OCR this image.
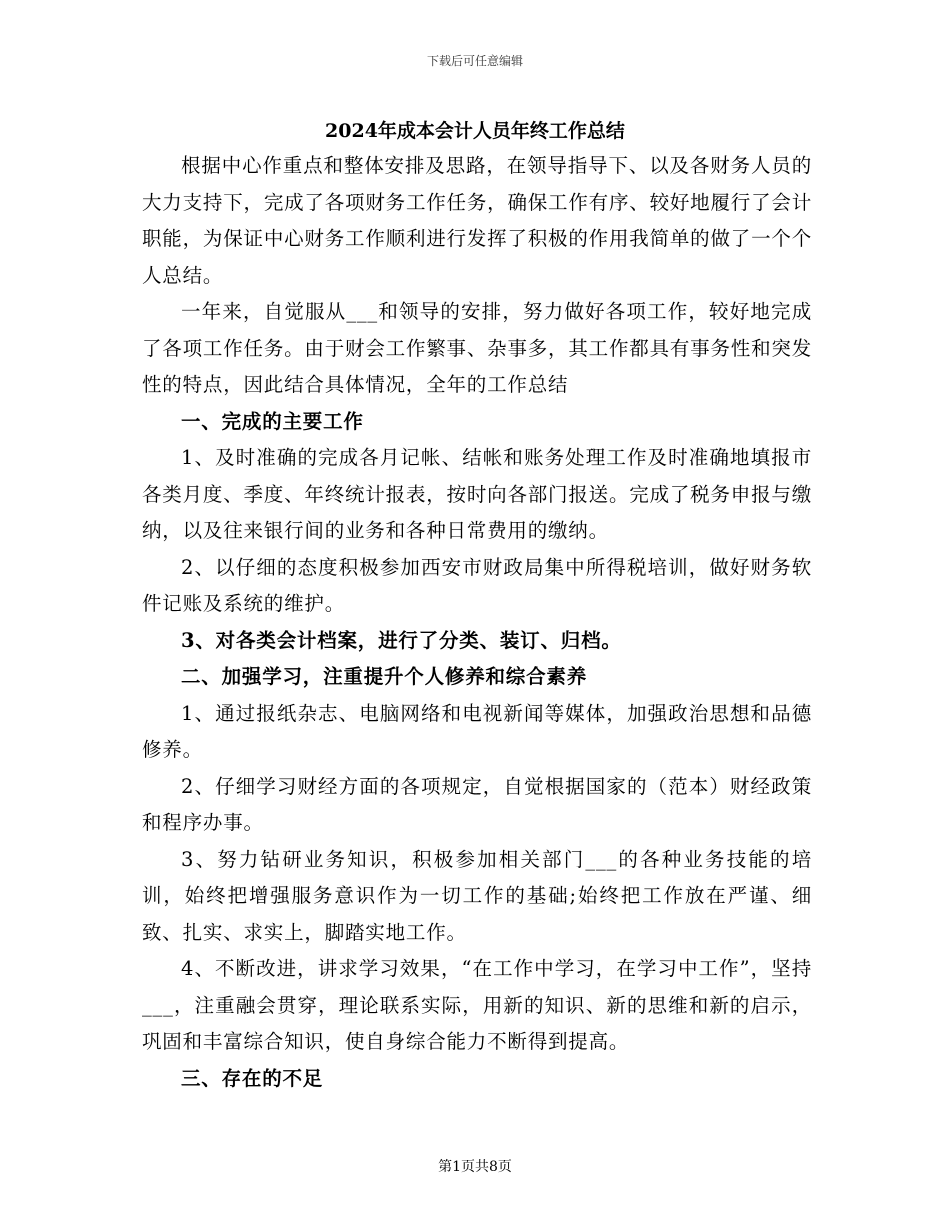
下载后可任意编辑
2024年成本会计人员年终工作总结

根据中心作重点和整体安排及思路，在领导指导下、以及各财务人员的大力支持下，完成了各项财务工作任务，确保工作有序、较好地履行了会计职能，为保证中心财务工作顺利进行发挥了积极的作用我简单的做了一个个人总结。

一年来，自觉服从___和领导的安排，努力做好各项工作，较好地完成了各项工作任务。由于财会工作繁事、杂事多，其工作都具有事务性和突发性的特点，因此结合具体情况，全年的工作总结

一、完成的主要工作

1、及时准确的完成各月记帐、结帐和账务处理工作及时准确地填报市各类月度、季度、年终统计报表，按时向各部门报送。完成了税务申报与缴纳，以及往来银行间的业务和各种日常费用的缴纳。

2、以仔细的态度积极参加西安市财政局集中所得税培训，做好财务软件记账及系统的维护。

3、对各类会计档案，进行了分类、装订、归档。

二、加强学习，注重提升个人修养和综合素养

1、通过报纸杂志、电脑网络和电视新闻等媒体，加强政治思想和品德修养。

2、仔细学习财经方面的各项规定，自觉根据国家的（范本）财经政策和程序办事。

3、努力钻研业务知识，积极参加相关部门___的各种业务技能的培训，始终把增强服务意识作为一切工作的基础;始终把工作放在严谨、细致、扎实、求实上，脚踏实地工作。

4、不断改进，讲求学习效果，“在工作中学习，在学习中工作”，坚持___，注重融会贯穿，理论联系实际，用新的知识、新的思维和新的启示，巩固和丰富综合知识，使自身综合能力不断得到提高。

三、存在的不足

第1页共8页
